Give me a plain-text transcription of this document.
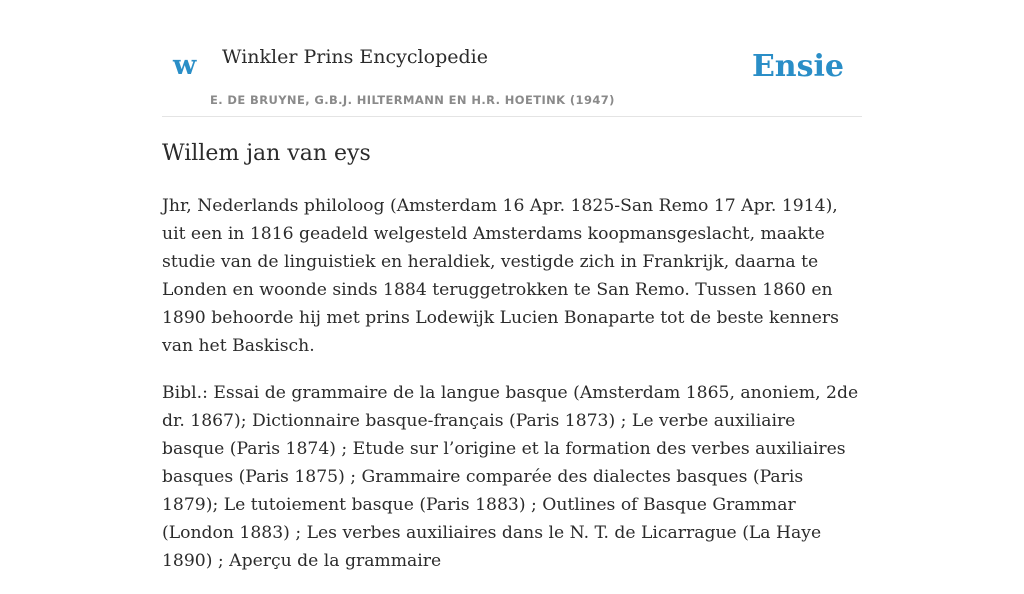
w Winkler Prins Encyclopedie	Ensie
E. DE BRUYNE, G.B.J. HILTERMANN EN H.R. HOETINK (1947)
Willem jan van eys

Jhr, Nederlands philoloog (Amsterdam 16 Apr. 1825-San Remo 17 Apr. 1914), uit een in 1816 geadeld welgesteld Amsterdams koopmansgeslacht, maakte studie van de linguistiek en heraldiek, vestigde zich in Frankrijk, daarna te Londen en woonde sinds 1884 teruggetrokken te San Remo. Tussen 1860 en 1890 behoorde hij met prins Lodewijk Lucien Bonaparte tot de beste kenners van het Baskisch.

Bibl.: Essai de grammaire de la langue basque (Amsterdam 1865, anoniem, 2de dr. 1867); Dictionnaire basque-français (Paris 1873) ; Le verbe auxiliaire basque (Paris 1874) ; Etude sur l’origine et la formation des verbes auxiliaires basques (Paris 1875) ; Grammaire comparée des dialectes basques (Paris 1879); Le tutoiement basque (Paris 1883) ; Outlines of Basque Grammar (London 1883) ; Les verbes auxiliaires dans le N. T. de Licarrague (La Haye 1890) ; Aperçu de la grammaire
